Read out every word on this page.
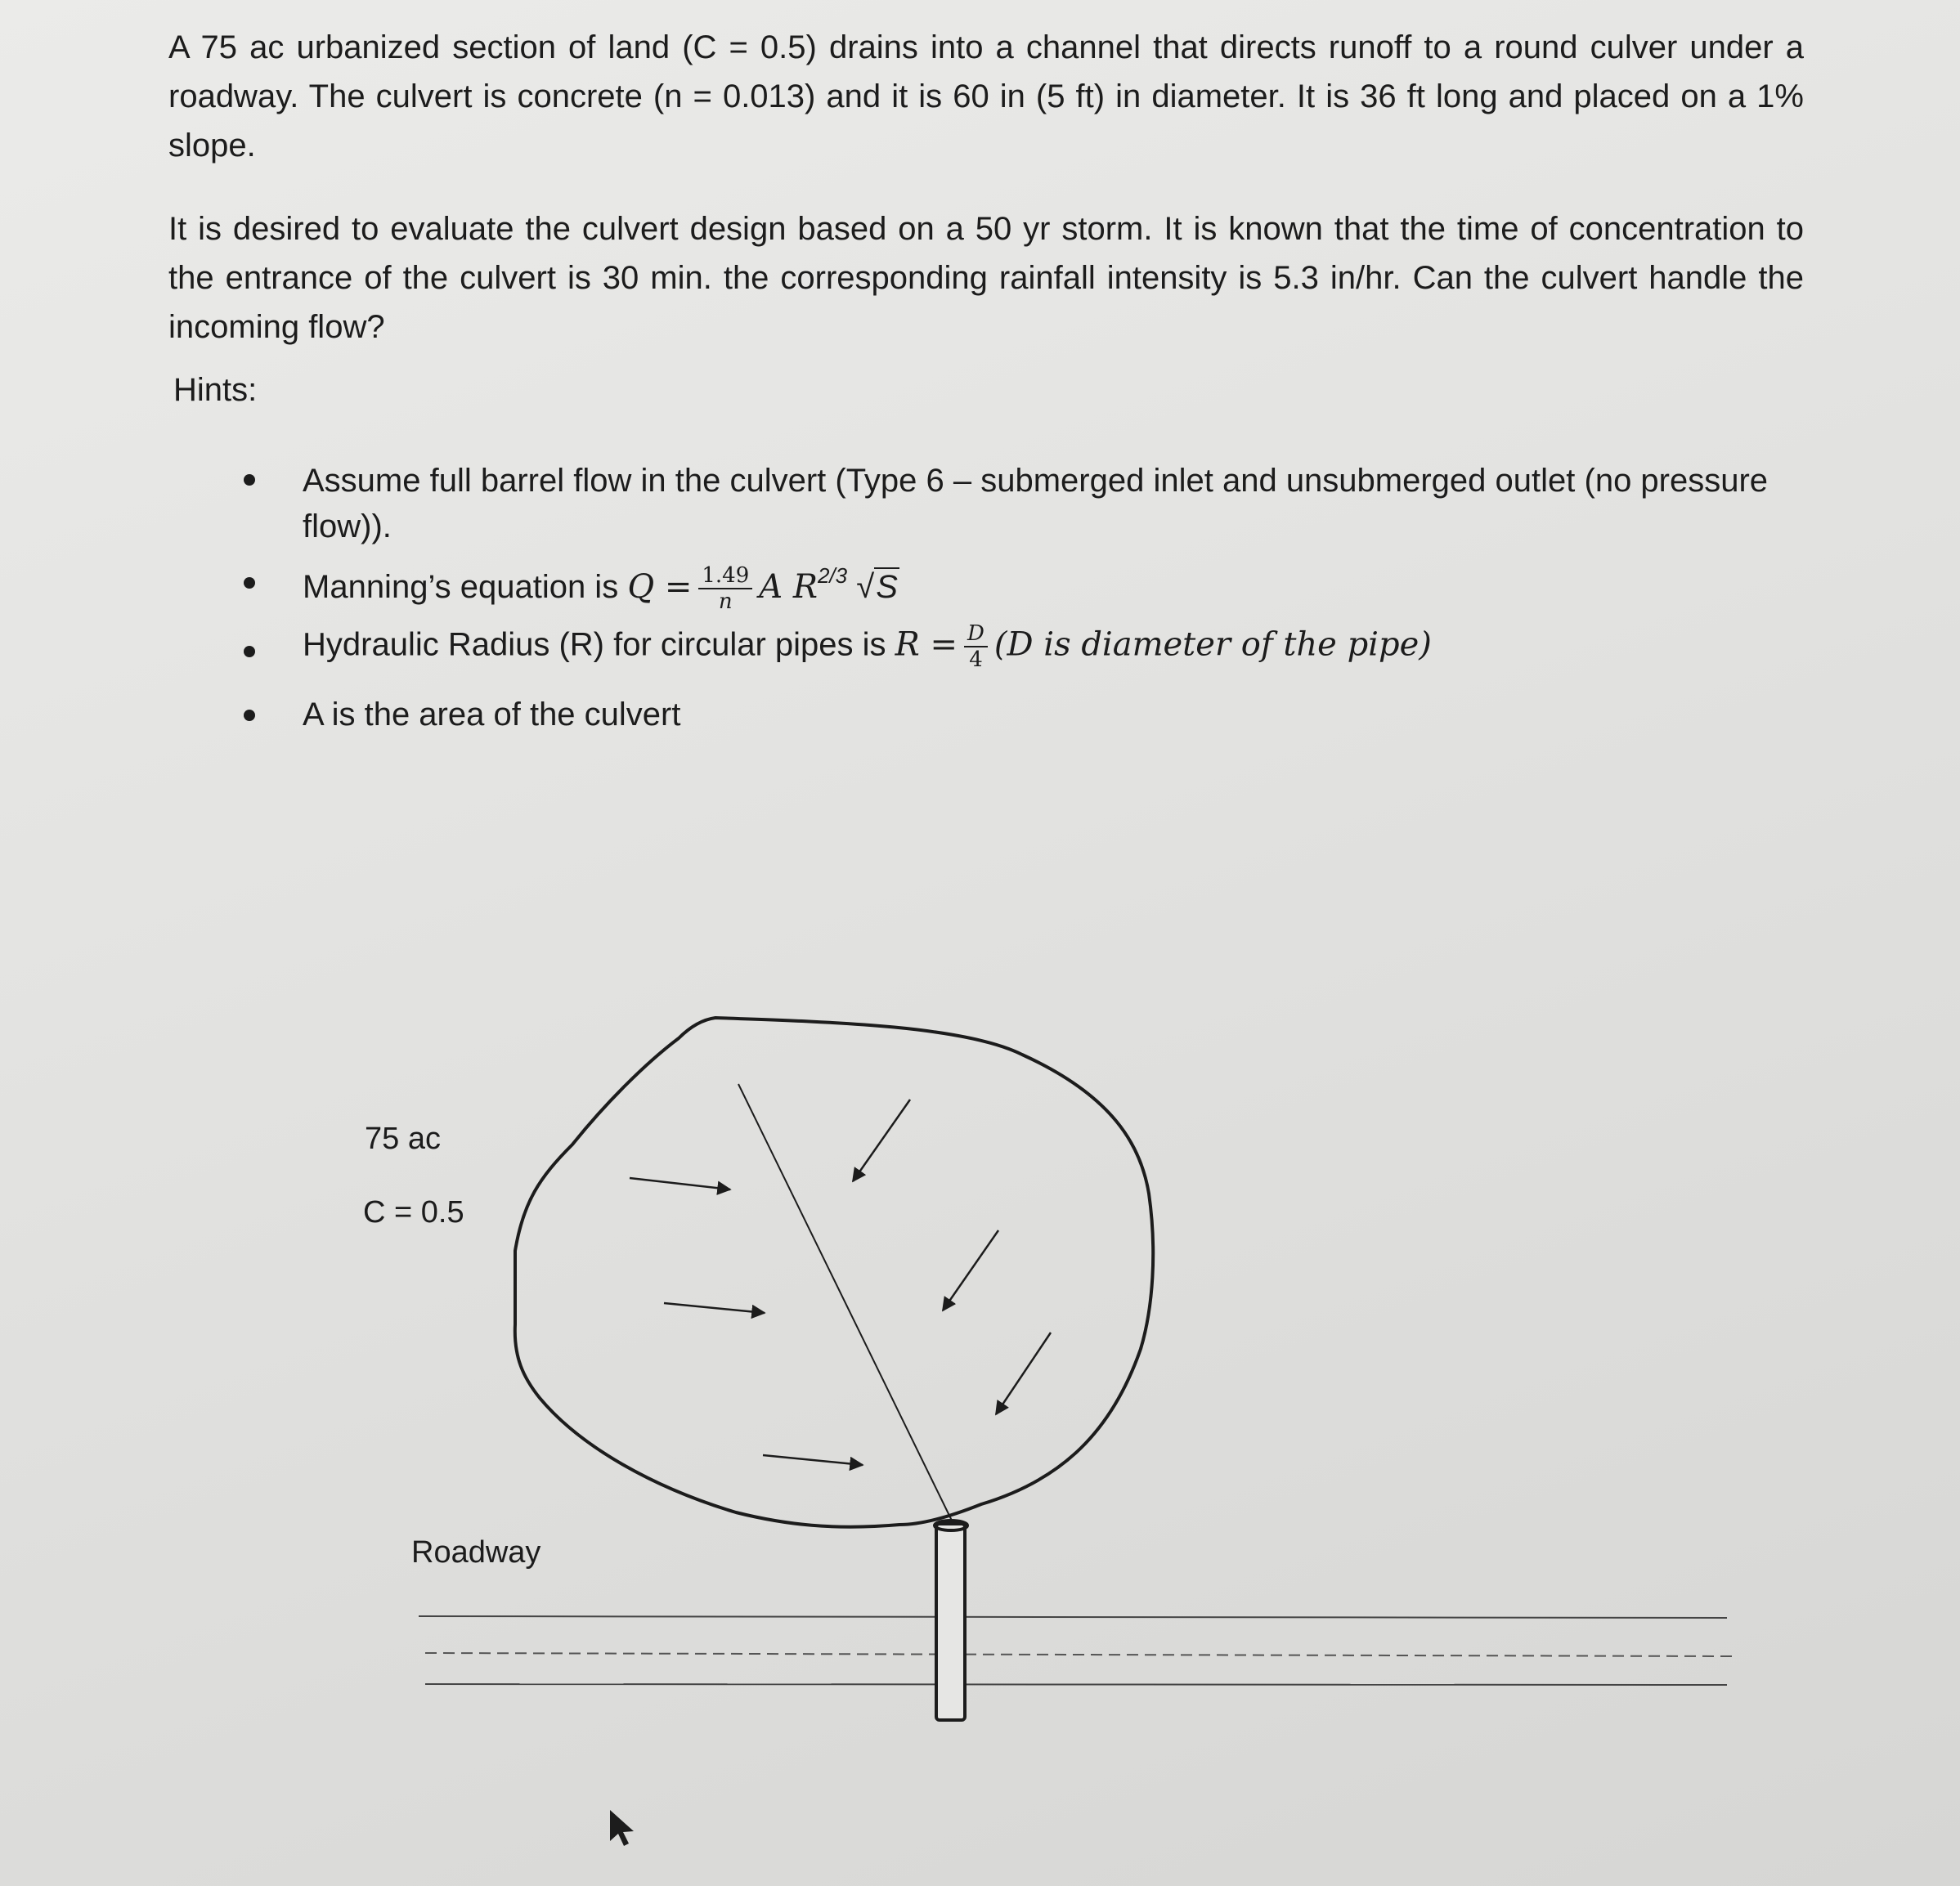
A 75 ac urbanized section of land (C = 0.5) drains into a channel that directs runoff to a round culver under a roadway. The culvert is concrete (n = 0.013) and it is 60 in (5 ft) in diameter. It is 36 ft long and placed on a 1% slope.
It is desired to evaluate the culvert design based on a 50 yr storm. It is known that the time of concentration to the entrance of the culvert is 30 min. the corresponding rainfall intensity is 5.3 in/hr. Can the culvert handle the incoming flow?
Hints:
Assume full barrel flow in the culvert (Type 6 – submerged inlet and unsubmerged outlet (no pressure flow)).
Manning’s equation is $Q = \frac{1.49}{n}$ A $R^{2/3}$ √S
Hydraulic Radius (R) for circular pipes is $R = \frac{D}{4} (D$ is diameter of the pipe)
A is the area of the culvert
75 ac
C = 0.5
Roadway
